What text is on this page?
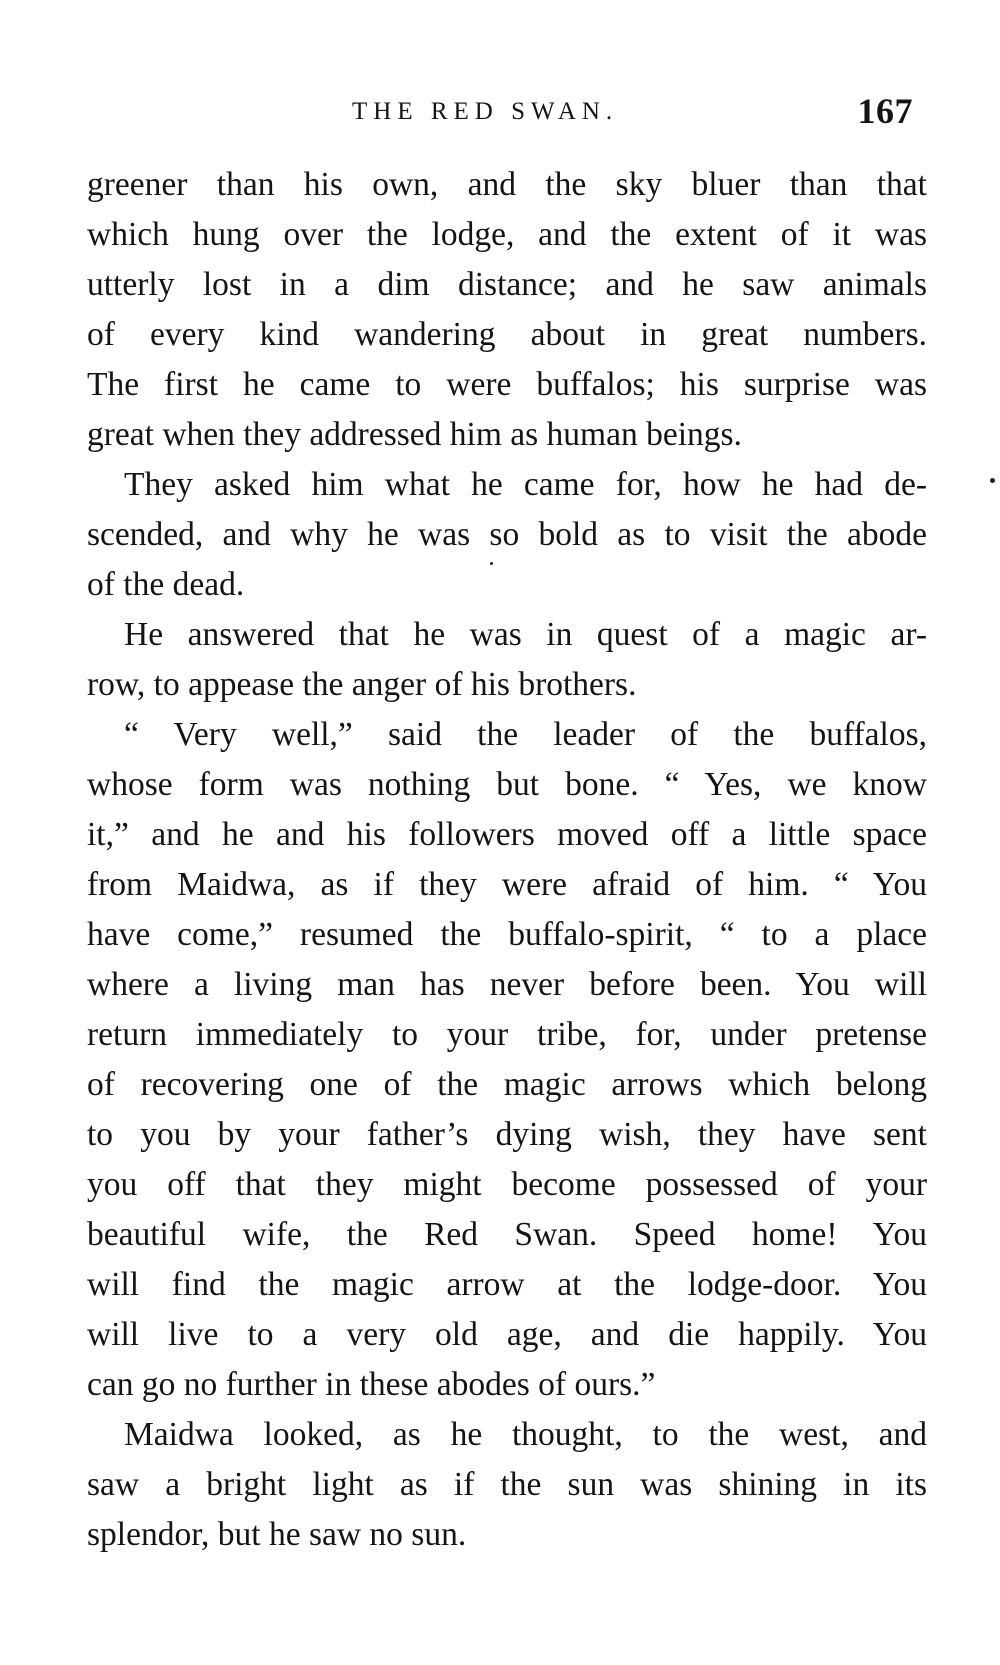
THE RED SWAN.	167
greener than his own, and the sky bluer than that
which hung over the lodge, and the extent of it was
utterly lost in a dim distance; and he saw animals
of every kind wandering about in great numbers.
The first he came to were buffalos; his surprise was
great when they addressed him as human beings.
They asked him what he came for, how he had de-
scended, and why he was so bold as to visit the abode
of the dead.
He answered that he was in quest of a magic ar-
row, to appease the anger of his brothers.
“ Very well,” said the leader of the buffalos,
whose form was nothing but bone. “ Yes, we know
it,” and he and his followers moved off a little space
from Maidwa, as if they were afraid of him. “ You
have come,” resumed the buffalo-spirit, “ to a place
where a living man has never before been. You will
return immediately to your tribe, for, under pretense
of recovering one of the magic arrows which belong
to you by your father’s dying wish, they have sent
you off that they might become possessed of your
beautiful wife, the Red Swan. Speed home! You
will find the magic arrow at the lodge-door. You
will live to a very old age, and die happily. You
can go no further in these abodes of ours.”
Maidwa looked, as he thought, to the west, and
saw a bright light as if the sun was shining in its
splendor, but he saw no sun.
